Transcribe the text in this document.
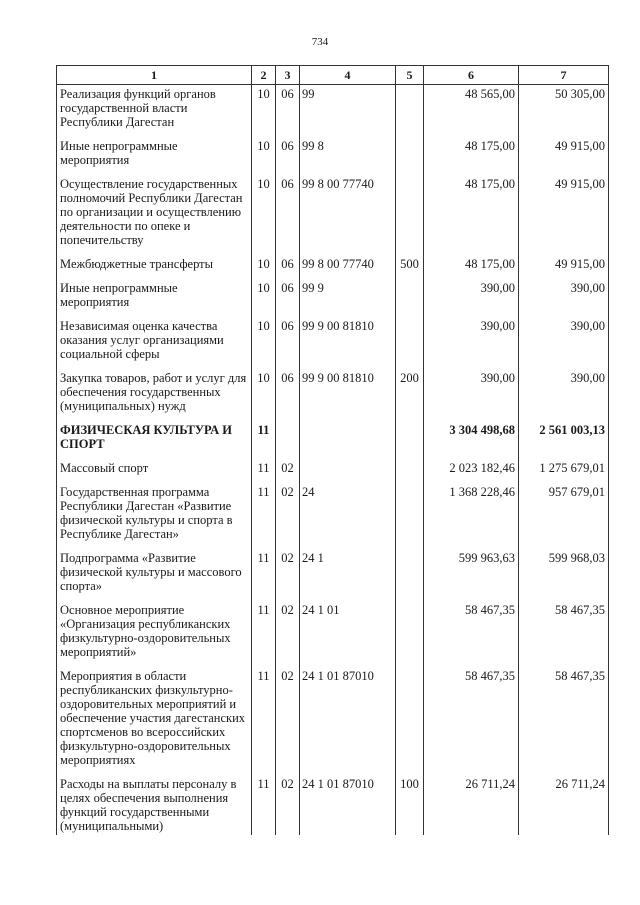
734
1	2	3	4	5	6	7
Реализация функций органов государственной власти Республики Дагестан	10	06	99		48 565,00	50 305,00
Иные непрограммные мероприятия	10	06	99 8		48 175,00	49 915,00
Осуществление государственных полномочий Республики Дагестан по организации и осуществлению деятельности по опеке и попечительству	10	06	99 8 00 77740		48 175,00	49 915,00
Межбюджетные трансферты	10	06	99 8 00 77740	500	48 175,00	49 915,00
Иные непрограммные мероприятия	10	06	99 9		390,00	390,00
Независимая оценка качества оказания услуг организациями социальной сферы	10	06	99 9 00 81810		390,00	390,00
Закупка товаров, работ и услуг для обеспечения государственных (муниципальных) нужд	10	06	99 9 00 81810	200	390,00	390,00
ФИЗИЧЕСКАЯ КУЛЬТУРА И СПОРТ	11				3 304 498,68	2 561 003,13
Массовый спорт	11	02			2 023 182,46	1 275 679,01
Государственная программа Республики Дагестан «Развитие физической культуры и спорта в Республике Дагестан»	11	02	24		1 368 228,46	957 679,01
Подпрограмма «Развитие физической культуры и массового спорта»	11	02	24 1		599 963,63	599 968,03
Основное мероприятие «Организация республиканских физкультурно-оздоровительных мероприятий»	11	02	24 1 01		58 467,35	58 467,35
Мероприятия в области республиканских физкультурно-оздоровительных мероприятий и обеспечение участия дагестанских спортсменов во всероссийских физкультурно-оздоровительных мероприятиях	11	02	24 1 01 87010		58 467,35	58 467,35
Расходы на выплаты персоналу в целях обеспечения выполнения функций государственными (муниципальными)	11	02	24 1 01 87010	100	26 711,24	26 711,24
